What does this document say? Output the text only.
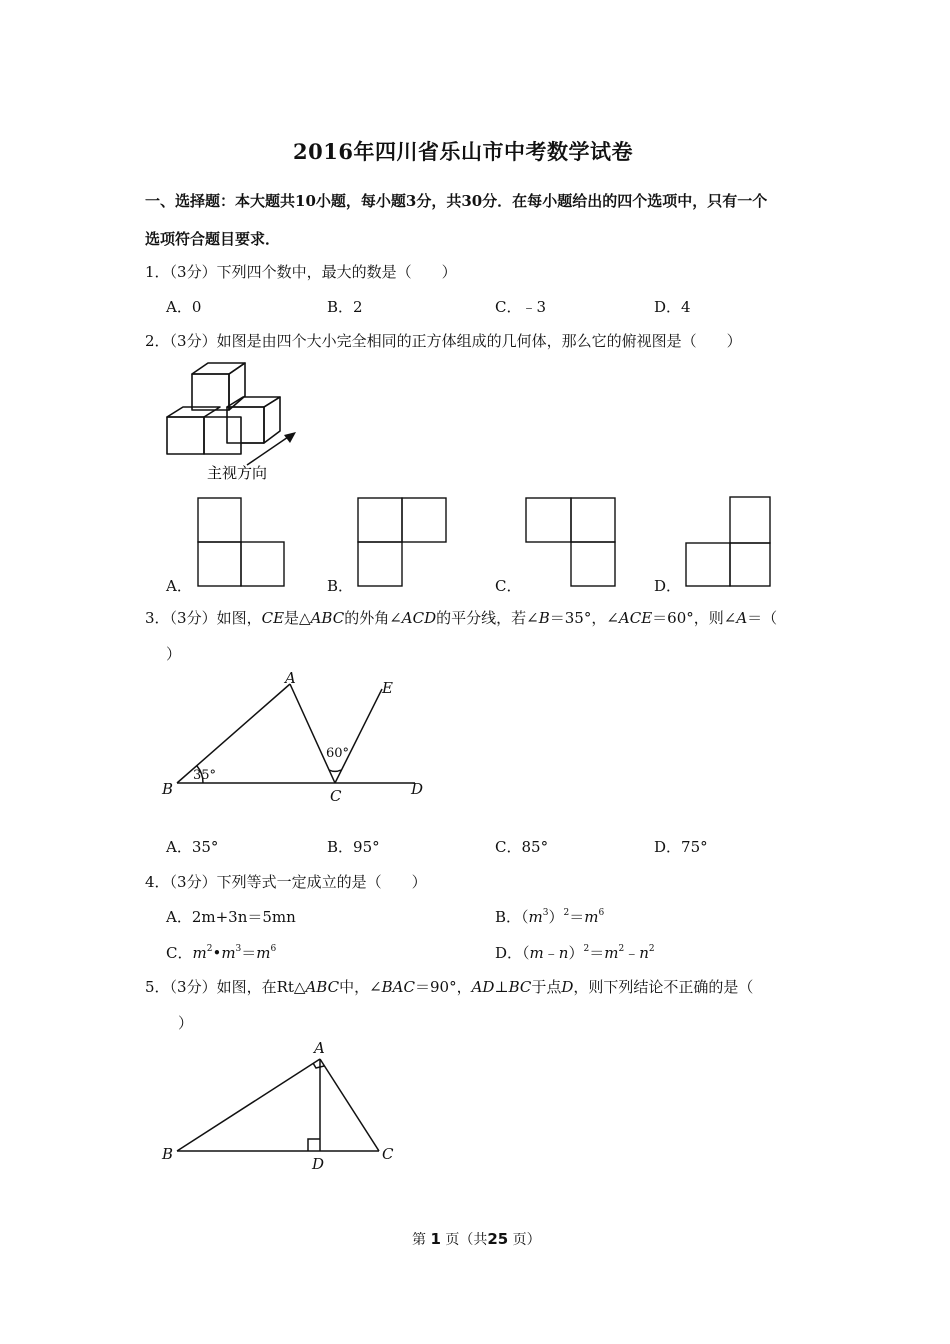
2016年四川省乐山市中考数学试卷
一、选择题：本大题共10小题，每小题3分，共30分．在每小题给出的四个选项中，只有一个
选项符合题目要求．
1．（3分）下列四个数中，最大的数是（　　）
A．0	B．2	C．﹣3	D．4
2．（3分）如图是由四个大小完全相同的正方体组成的几何体，那么它的俯视图是（　　）
主视方向
A．	B．	C．	D．
3．（3分）如图，CE是△ABC的外角∠ACD的平分线，若∠B＝35°，∠ACE＝60°，则∠A＝（
）
A
B	C	D
E
35°
60°
A．35°	B．95°	C．85°	D．75°
4．（3分）下列等式一定成立的是（　　）
A．2m+3n＝5mn	B．$(m^3)^2=m^6$
C．$m^2•m^3=m^6$	D．$(m﹣n)^2=m^2﹣n^2$
5．（3分）如图，在Rt△ABC中，∠BAC＝90°，AD⊥BC于点D，则下列结论不正确的是（
）
A
B	C
D
第 1 页（共25 页）
